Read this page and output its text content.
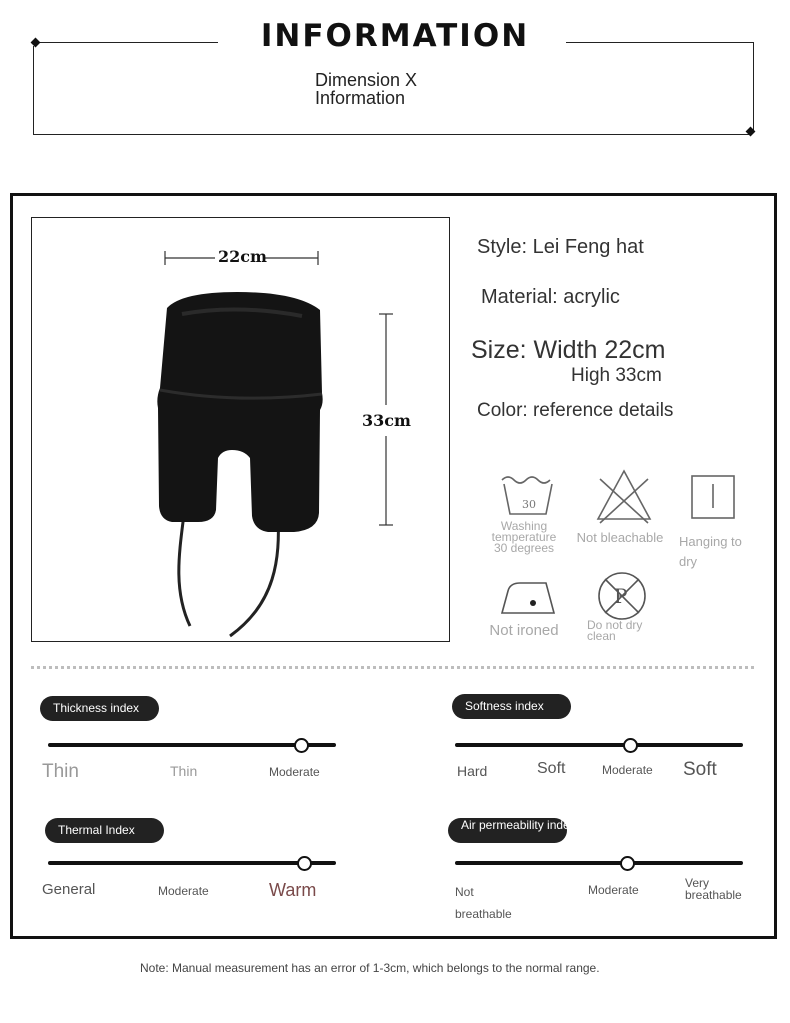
INFORMATION
Dimension X
Information
22cm
33cm
Style: Lei Feng hat
Material: acrylic
Size: Width 22cm
High 33cm
Color: reference details
30
Washing temperature 30 degrees
Not bleachable Hanging to dry
Not ironed
P
Do not dry clean
Thickness index
Thin	Thin	Moderate
Softness index
Hard	Soft	Moderate Soft
Thermal Index
General	Moderate	Warm
Air permeability index
Not breathable
Moderate	Very breathable
Note: Manual measurement has an error of 1-3cm, which belongs to the normal range.
